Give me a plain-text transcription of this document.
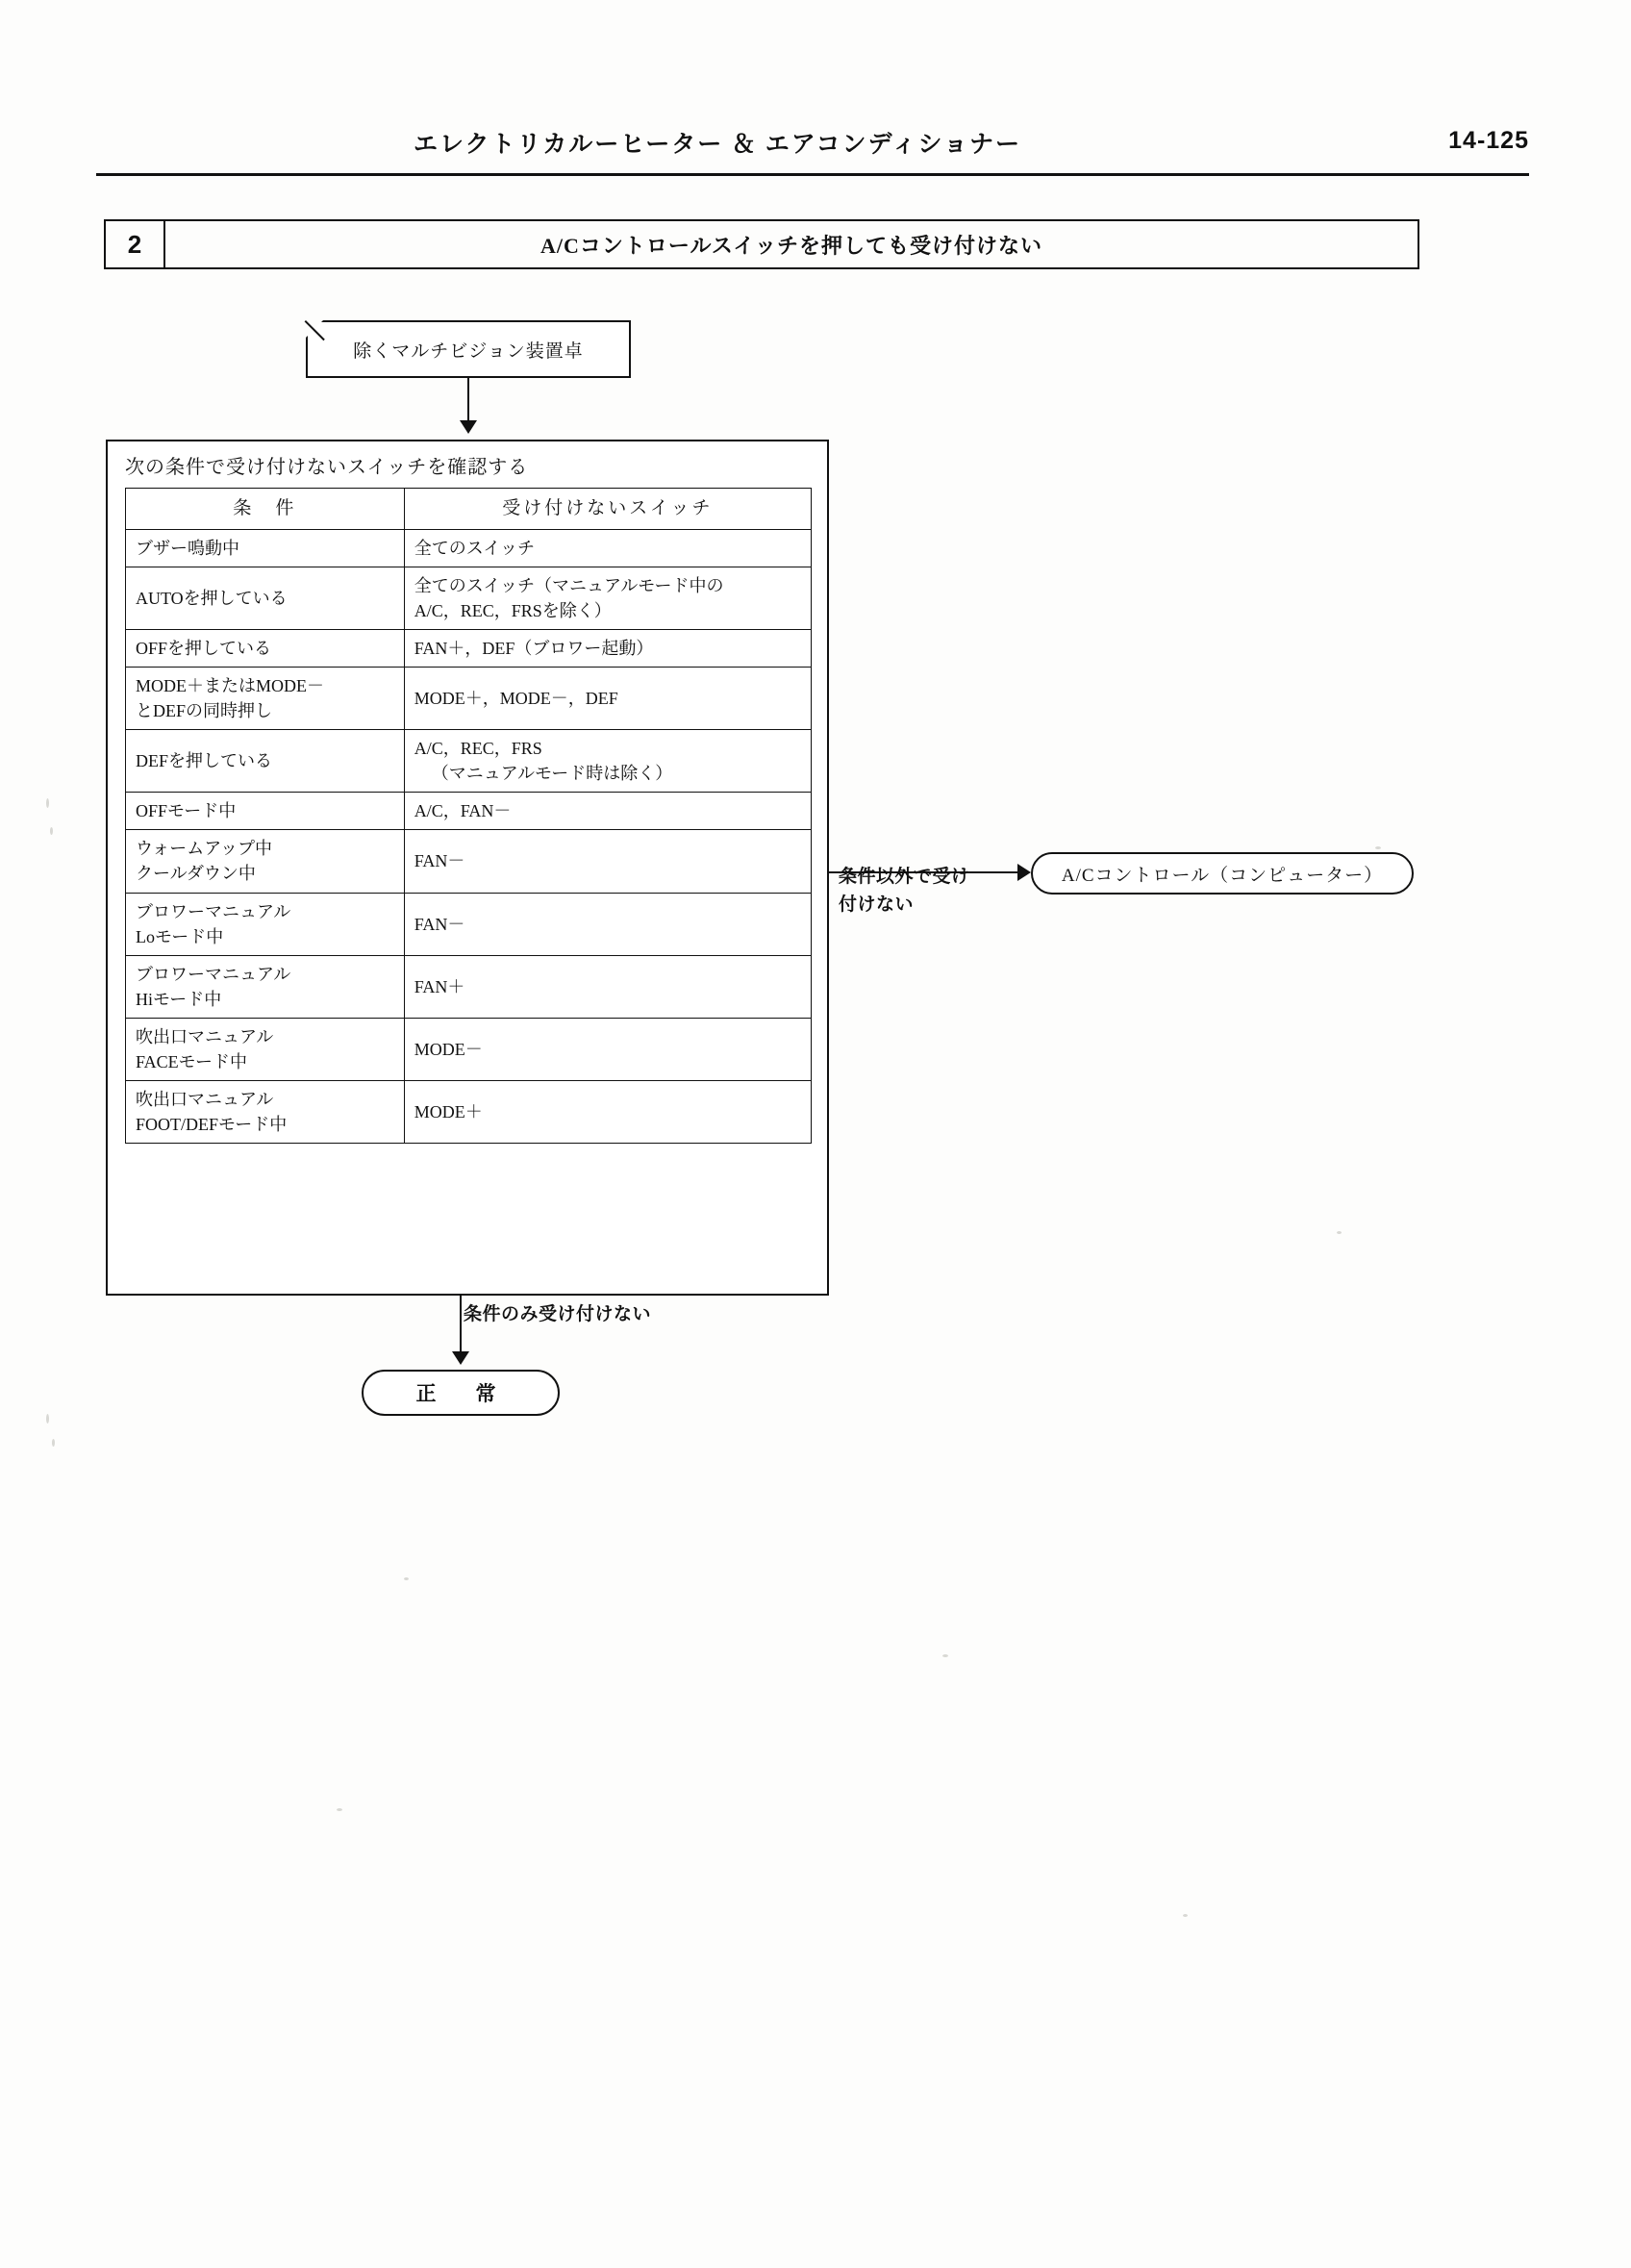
エレクトリカルーヒーター ＆ エアコンディショナー	14-125
2	A/Cコントロールスイッチを押しても受け付けない
除くマルチビジョン装置卓
次の条件で受け付けないスイッチを確認する
条　件	受け付けないスイッチ

ブザー鳴動中	全てのスイッチ

AUTOを押している	全てのスイッチ（マニュアルモード中の
A/C，REC，FRSを除く）

OFFを押している	FAN＋，DEF（ブロワー起動）

MODE＋またはMODE－
とDEFの同時押し	MODE＋，MODE－，DEF

DEFを押している	A/C，REC，FRS
（マニュアルモード時は除く）

OFFモード中	A/C，FAN－

ウォームアップ中
クールダウン中	FAN－

ブロワーマニュアル
Loモード中	FAN－

ブロワーマニュアル
Hiモード中	FAN＋

吹出口マニュアル
FACEモード中	MODE－

吹出口マニュアル
FOOT/DEFモード中	MODE＋
条件以外で受け
付けない
A/Cコントロール（コンピューター）
条件のみ受け付けない
正　常
